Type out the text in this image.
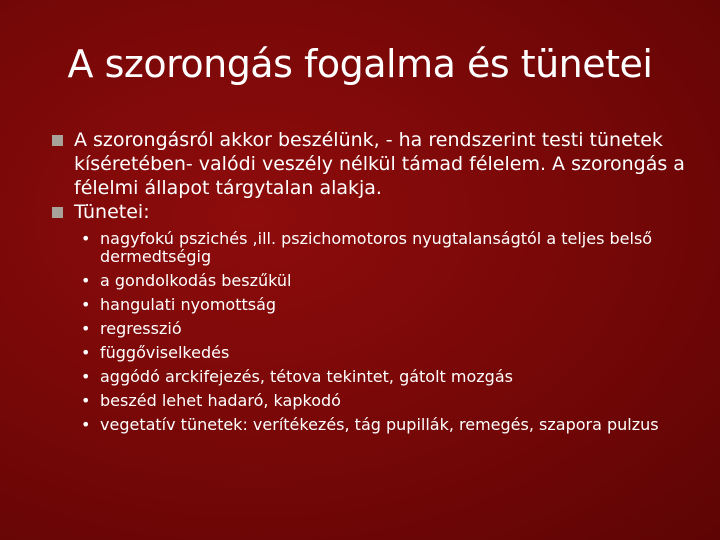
A szorongás fogalma és tünetei

A szorongásról akkor beszélünk, - ha rendszerint testi tünetek kíséretében- valódi veszély nélkül támad félelem. A szorongás a félelmi állapot tárgytalan alakja.

Tünetei:

• nagyfokú pszichés ,ill. pszichomotoros nyugtalanságtól a teljes belső dermedtségig
• a gondolkodás beszűkül
• hangulati nyomottság
• regresszió
• függőviselkedés
• aggódó arckifejezés, tétova tekintet, gátolt mozgás
• beszéd lehet hadaró, kapkodó
• vegetatív tünetek: verítékezés, tág pupillák, remegés, szapora pulzus
